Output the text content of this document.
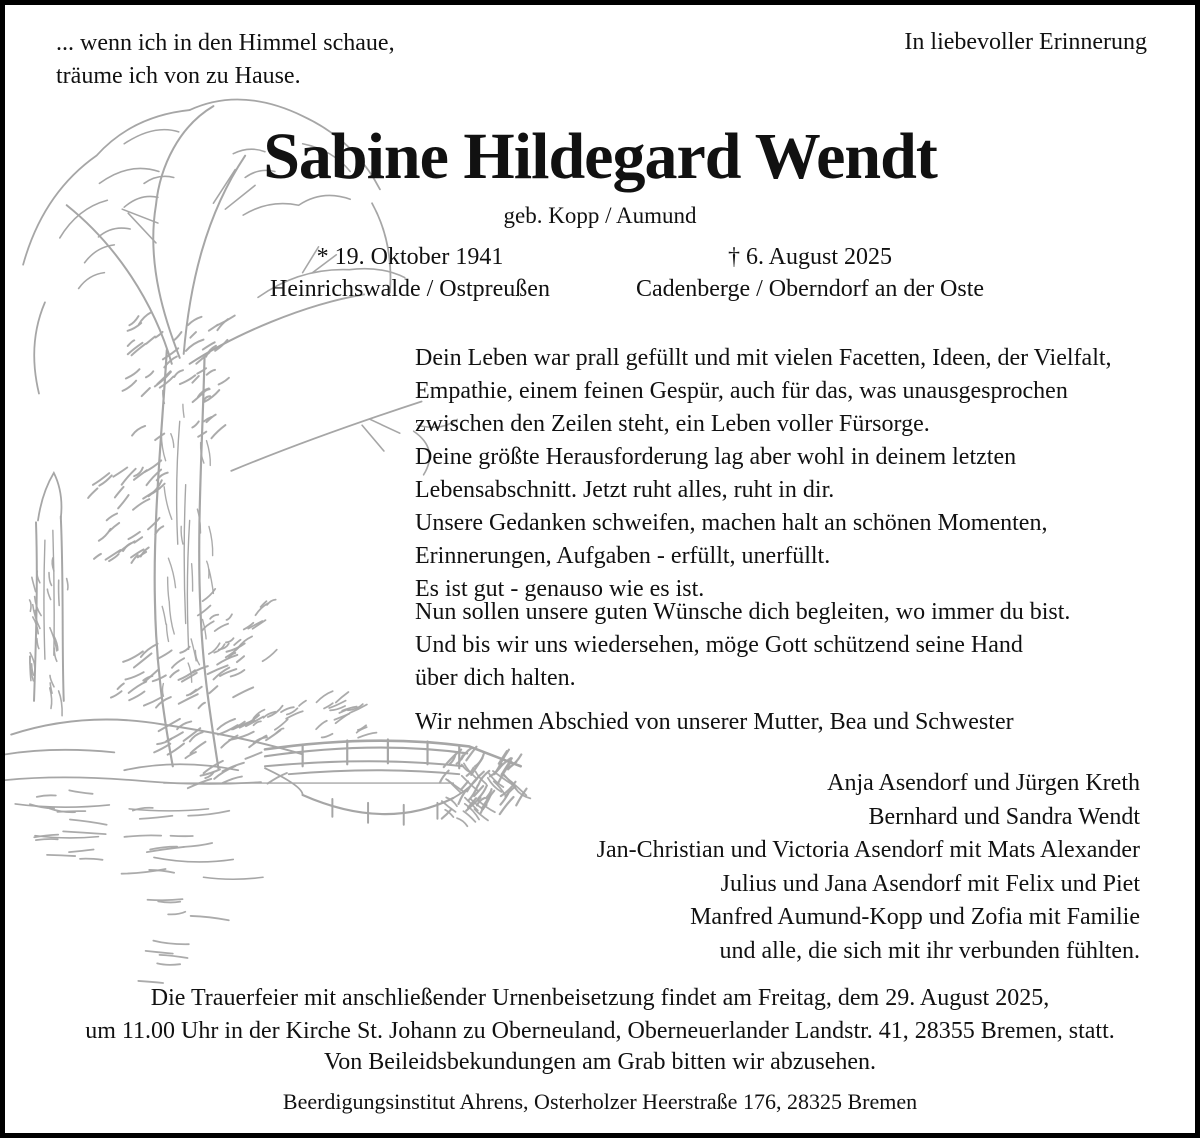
... wenn ich in den Himmel schaue,
träume ich von zu Hause.
In liebevoller Erinnerung
Sabine Hildegard Wendt
geb. Kopp / Aumund
* 19. Oktober 1941	† 6. August 2025
Heinrichswalde / Ostpreußen	Cadenberge / Oberndorf an der Oste
Dein Leben war prall gefüllt und mit vielen Facetten, Ideen, der Vielfalt,
Empathie, einem feinen Gespür, auch für das, was unausgesprochen
zwischen den Zeilen steht, ein Leben voller Fürsorge.
Deine größte Herausforderung lag aber wohl in deinem letzten
Lebensabschnitt. Jetzt ruht alles, ruht in dir.
Unsere Gedanken schweifen, machen halt an schönen Momenten,
Erinnerungen, Aufgaben - erfüllt, unerfüllt.
Es ist gut - genauso wie es ist.
Nun sollen unsere guten Wünsche dich begleiten, wo immer du bist.
Und bis wir uns wiedersehen, möge Gott schützend seine Hand
über dich halten.
Wir nehmen Abschied von unserer Mutter, Bea und Schwester
Anja Asendorf und Jürgen Kreth
Bernhard und Sandra Wendt
Jan-Christian und Victoria Asendorf mit Mats Alexander
Julius und Jana Asendorf mit Felix und Piet
Manfred Aumund-Kopp und Zofia mit Familie
und alle, die sich mit ihr verbunden fühlten.
Die Trauerfeier mit anschließender Urnenbeisetzung findet am Freitag, dem 29. August 2025,
um 11.00 Uhr in der Kirche St. Johann zu Oberneuland, Oberneuerlander Landstr. 41, 28355 Bremen, statt.
Von Beileidsbekundungen am Grab bitten wir abzusehen.
Beerdigungsinstitut Ahrens, Osterholzer Heerstraße 176, 28325 Bremen
